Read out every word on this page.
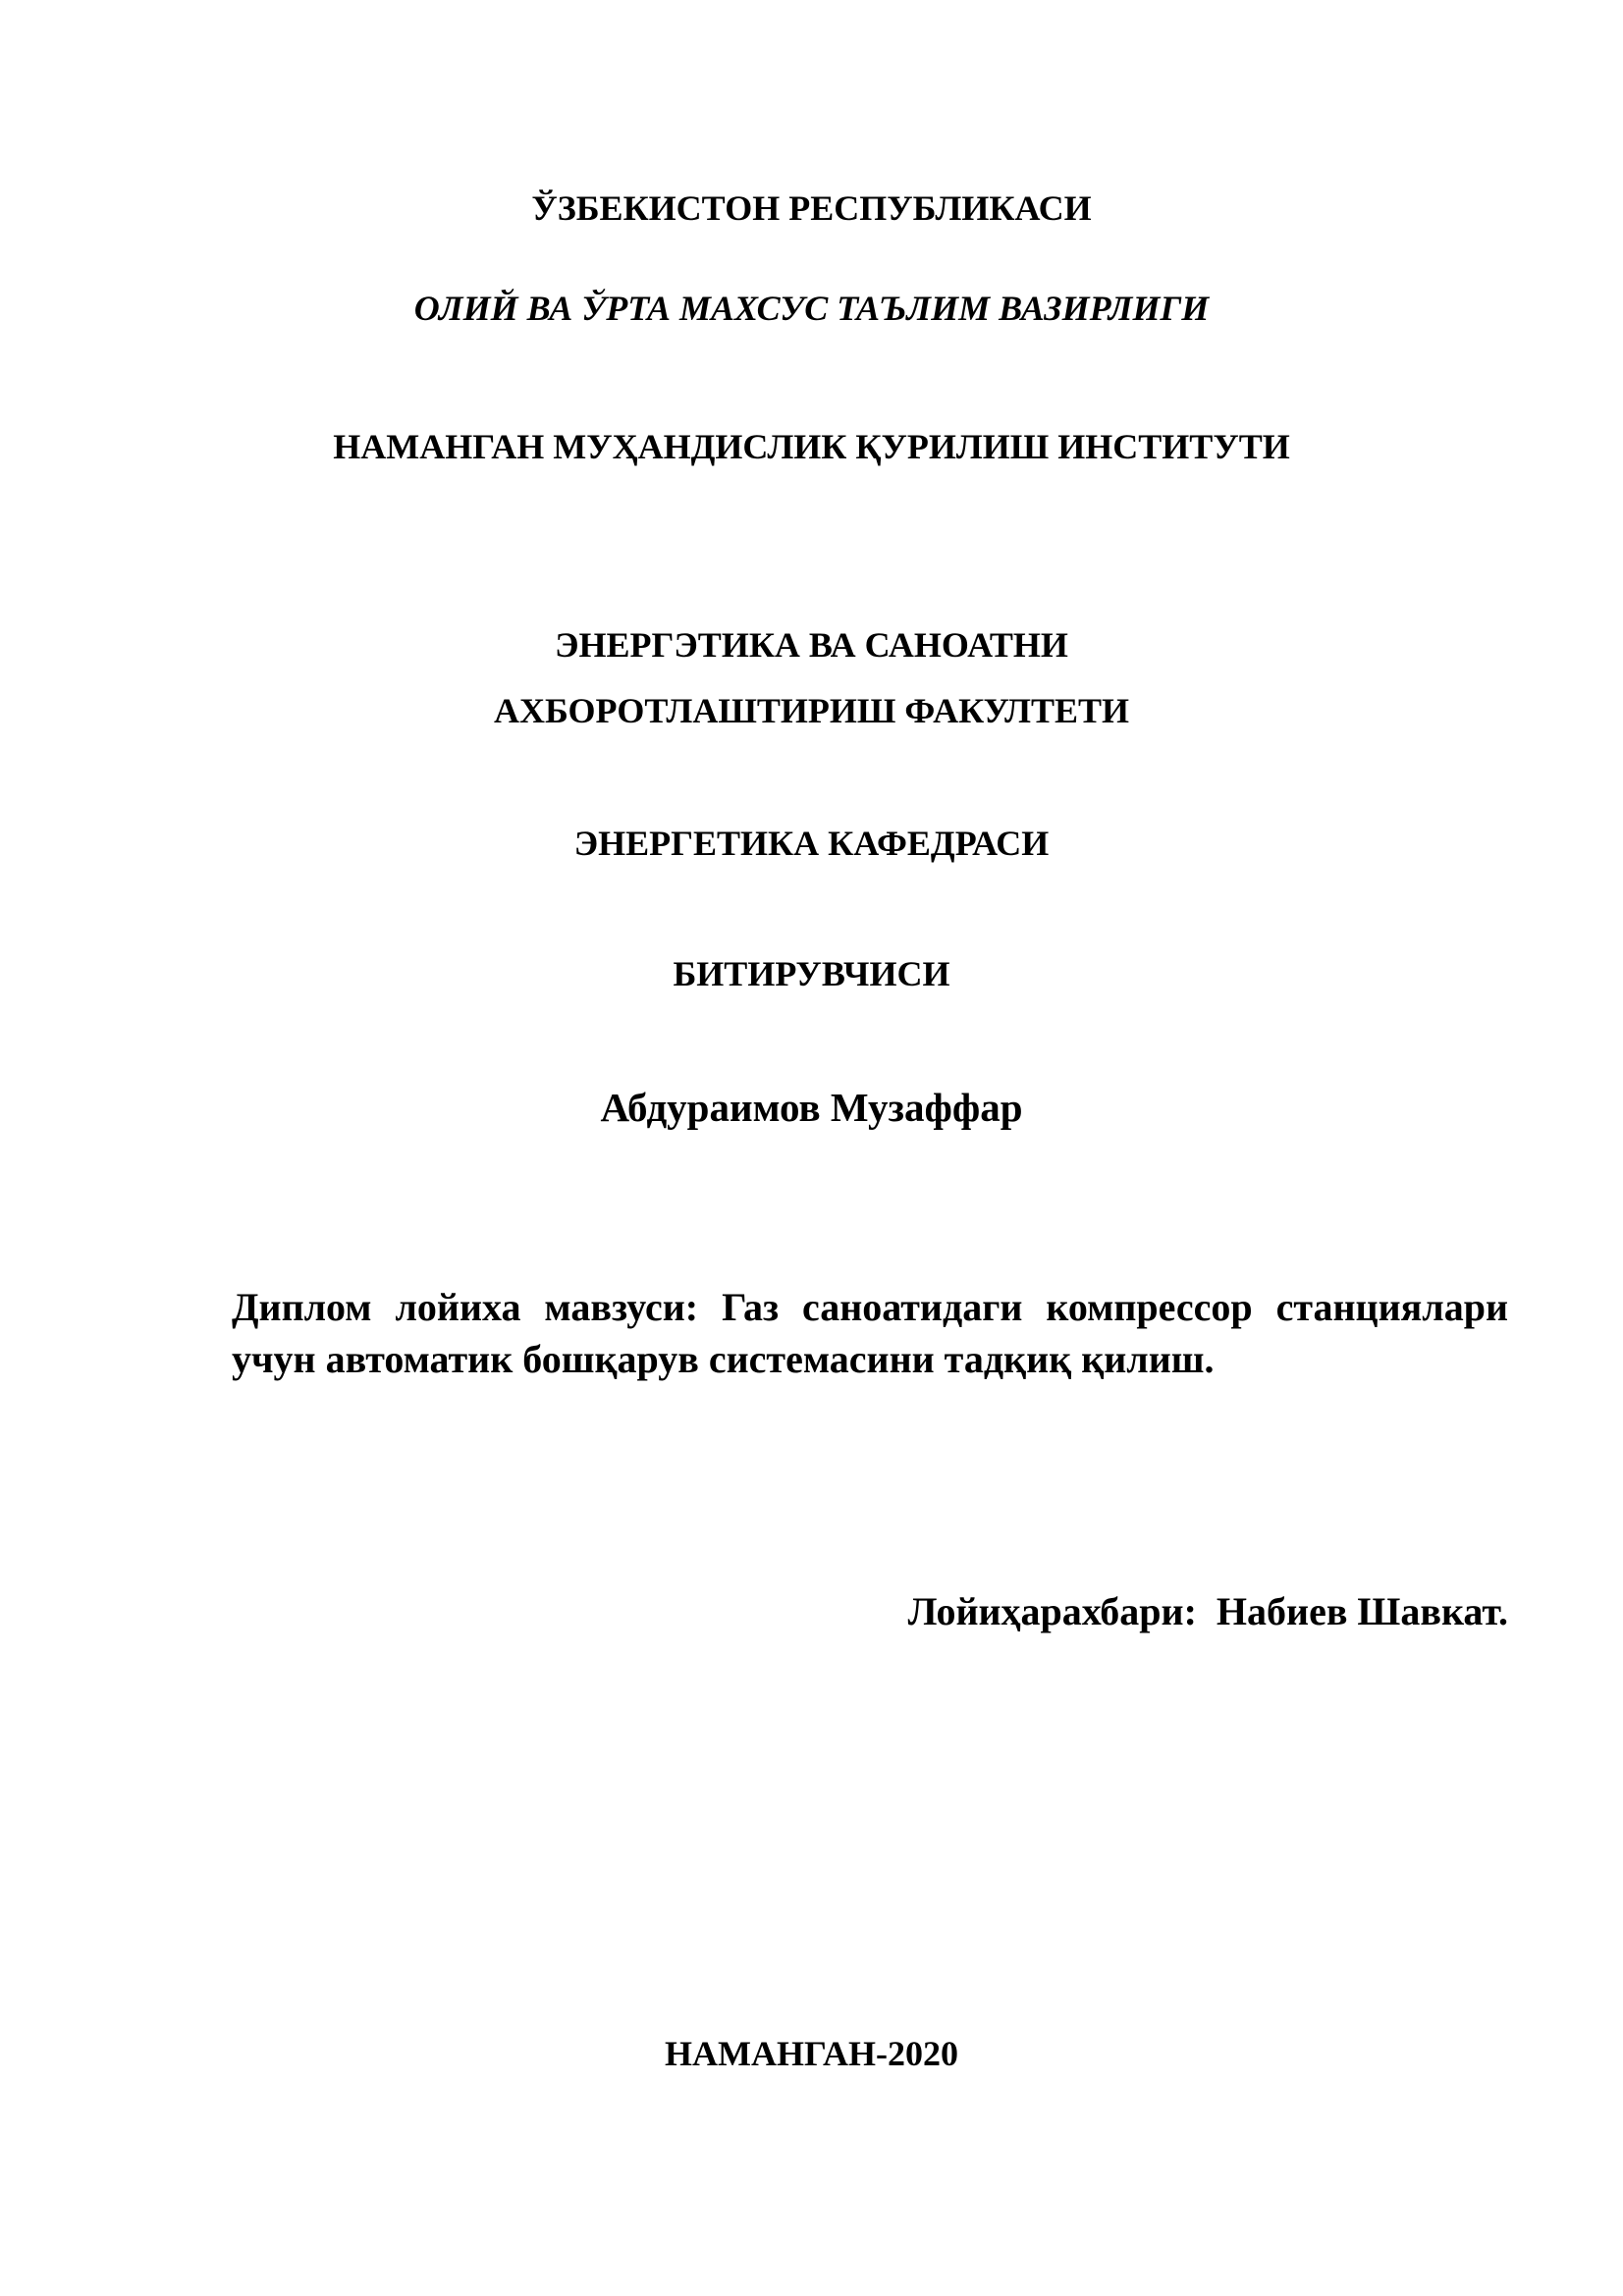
ЎЗБЕКИСТОН РЕСПУБЛИКАСИ
ОЛИЙ ВА ЎРТА МАХСУС ТАЪЛИМ ВАЗИРЛИГИ
НАМАНГАН МУҲАНДИСЛИК ҚУРИЛИШ ИНСТИТУТИ
ЭНЕРГЭТИКА ВА САНОАТНИ
АХБОРОТЛАШТИРИШ ФАКУЛТЕТИ
ЭНЕРГЕТИКА КАФЕДРАСИ
БИТИРУВЧИСИ
Абдураимов Музаффар
Диплом лойиха мавзуси: Газ саноатидаги компрессор станциялари учун автоматик бошқарув системасини тадқиқ қилиш.
Лойиҳарахбари: Набиев Шавкат.
НАМАНГАН-2020
